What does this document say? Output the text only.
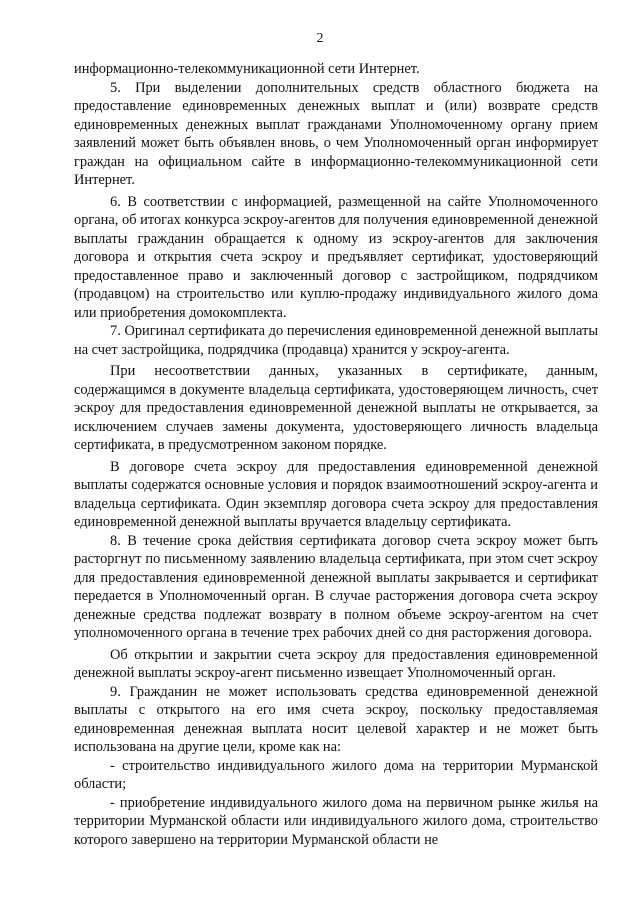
2

информационно-телекоммуникационной сети Интернет.

5. При выделении дополнительных средств областного бюджета на предоставление единовременных денежных выплат и (или) возврате средств единовременных денежных выплат гражданами Уполномоченному органу прием заявлений может быть объявлен вновь, о чем Уполномоченный орган информирует граждан на официальном сайте в информационно-телекоммуникационной сети Интернет.

6. В соответствии с информацией, размещенной на сайте Уполномоченного органа, об итогах конкурса эскроу-агентов для получения единовременной денежной выплаты гражданин обращается к одному из эскроу-агентов для заключения договора и открытия счета эскроу и предъявляет сертификат, удостоверяющий предоставленное право и заключенный договор с застройщиком, подрядчиком (продавцом) на строительство или куплю-продажу индивидуального жилого дома или приобретения домокомплекта.

7. Оригинал сертификата до перечисления единовременной денежной выплаты на счет застройщика, подрядчика (продавца) хранится у эскроу-агента.

При несоответствии данных, указанных в сертификате, данным, содержащимся в документе владельца сертификата, удостоверяющем личность, счет эскроу для предоставления единовременной денежной выплаты не открывается, за исключением случаев замены документа, удостоверяющего личность владельца сертификата, в предусмотренном законом порядке.

В договоре счета эскроу для предоставления единовременной денежной выплаты содержатся основные условия и порядок взаимоотношений эскроу-агента и владельца сертификата. Один экземпляр договора счета эскроу для предоставления единовременной денежной выплаты вручается владельцу сертификата.

8. В течение срока действия сертификата договор счета эскроу может быть расторгнут по письменному заявлению владельца сертификата, при этом счет эскроу для предоставления единовременной денежной выплаты закрывается и сертификат передается в Уполномоченный орган. В случае расторжения договора счета эскроу денежные средства подлежат возврату в полном объеме эскроу-агентом на счет уполномоченного органа в течение трех рабочих дней со дня расторжения договора.

Об открытии и закрытии счета эскроу для предоставления единовременной денежной выплаты эскроу-агент письменно извещает Уполномоченный орган.

9. Гражданин не может использовать средства единовременной денежной выплаты с открытого на его имя счета эскроу, поскольку предоставляемая единовременная денежная выплата носит целевой характер и не может быть использована на другие цели, кроме как на:

- строительство индивидуального жилого дома на территории Мурманской области;

- приобретение индивидуального жилого дома на первичном рынке жилья на территории Мурманской области или индивидуального жилого дома, строительство которого завершено на территории Мурманской области не
